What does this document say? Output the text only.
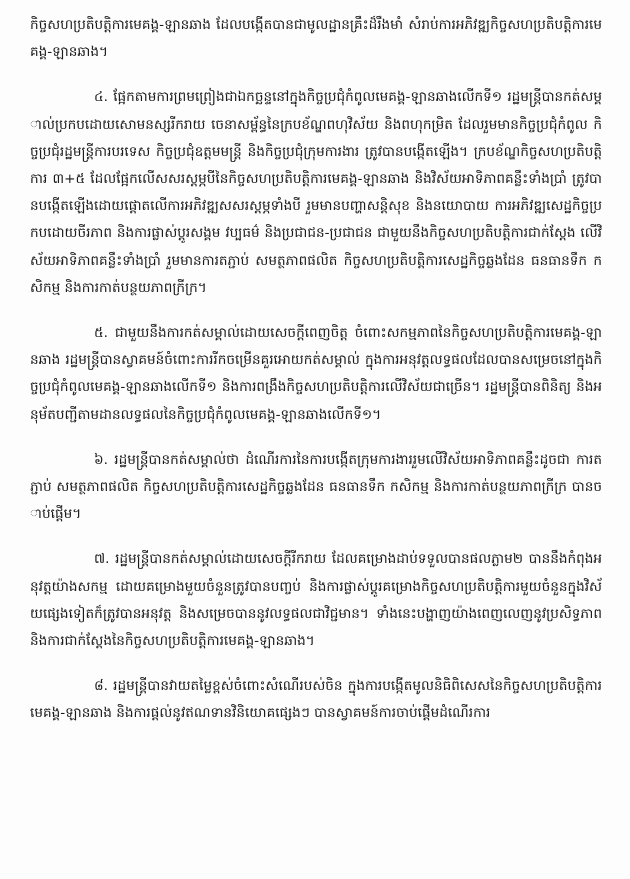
កិច្ចសហប្រតិបត្តិការមេគង្គ-ឡានឆាង ដែលបង្កើតបានជាមូលដ្ឋានគ្រឹះដ៏រឹងមាំ សំរាប់ការអភិវឌ្ឍកិច្ចសហប្រតិបត្តិការមេគង្គ-ឡានឆាង។

៤. ផ្អែកតាមការព្រមព្រៀងជាឯកច្ឆន្ទនៅក្នុងកិច្ចប្រជុំកំពូលមេគង្គ-ឡានឆាងលើកទី១ រដ្ឋមន្ត្រីបានកត់សម្គាល់ប្រកបដោយសោមនស្សរីករាយ ចេនាសម្ព័ន្ធនៃក្របខ័ណ្ឌពហុវិស័យ និងពហុកម្រិត ដែលរួមមានកិច្ចប្រជុំកំពូល កិច្ចប្រជុំរដ្ឋមន្ត្រីការបរទេស កិច្ចប្រជុំឧត្តមមន្ត្រី និងកិច្ចប្រជុំក្រុមការងារ ត្រូវបានបង្កើតឡើង។ ក្របខ័ណ្ឌកិច្ចសហប្រតិបត្តិការ ៣+៥ ដែលផ្អែកលើសសរស្តម្ភបីនៃកិច្ចសហប្រតិបត្តិការមេគង្គ-ឡានឆាង និងវិស័យអាទិភាពគន្លឹះទាំងប្រាំ ត្រូវបានបង្កើតឡើងដោយផ្តោតលើការអភិវឌ្ឍសសរស្តម្ភទាំងបី រួមមានបញ្ហាសន្តិសុខ និងនយោបាយ ការអភិវឌ្ឍសេដ្ឋកិច្ចប្រកបដោយចីរភាព និងការផ្លាស់ប្តូរសង្គម វប្បធម៌ និងប្រជាជន-ប្រជាជន ជាមួយនឹងកិច្ចសហប្រតិបត្តិការជាក់ស្តែង លើវិស័យអាទិភាពគន្លឹះទាំងប្រាំ រួមមានការតភ្ជាប់ សមត្ថភាពផលិត កិច្ចសហប្រតិបត្តិការសេដ្ឋកិច្ចឆ្លងដែន ធនធានទឹក កសិកម្ម និងការកាត់បន្ថយភាពក្រីក្រ។

៥. ជាមួយនឹងការកត់សម្គាល់ដោយសេចក្តីពេញចិត្ត ចំពោះសកម្មភាពនៃកិច្ចសហប្រតិបត្តិការមេគង្គ-ឡានឆាង រដ្ឋមន្ត្រីបានស្វាគមន៍ចំពោះការរីកចម្រើនគួរអោយកត់សម្គាល់ ក្នុងការអនុវត្តលទ្ធផលដែលបានសម្រេចនៅក្នុងកិច្ចប្រជុំកំពូលមេគង្គ-ឡានឆាងលើកទី១ និងការពង្រឹងកិច្ចសហប្រតិបត្តិការលើវិស័យជាច្រើន។ រដ្ឋមន្ត្រីបានពិនិត្យ និងអនុម័តបញ្ជីតាមដានលទ្ធផលនៃកិច្ចប្រជុំកំពូលមេគង្គ-ឡានឆាងលើកទី១។

៦. រដ្ឋមន្ត្រីបានកត់សម្គាល់ថា ដំណើរការនៃការបង្កើតក្រុមការងាររួមលើវិស័យអាទិភាពគន្លឹះដូចជា ការតភ្ជាប់ សមត្ថភាពផលិត កិច្ចសហប្រតិបត្តិការសេដ្ឋកិច្ចឆ្លងដែន ធនធានទឹក កសិកម្ម និងការកាត់បន្ថយភាពក្រីក្រ បានចាប់ផ្តើម។

៧. រដ្ឋមន្ត្រីបានកត់សម្គាល់ដោយសេចក្តីរីករាយ ដែលគម្រោងដាប់ទទួលបានផលភ្លាម២ បាននឹងកំពុងអនុវត្តយ៉ាងសកម្ម ដោយគម្រោងមួយចំនួនត្រូវបានបញ្ចប់ និងការផ្លាស់ប្តូរគម្រោងកិច្ចសហប្រតិបត្តិការមួយចំនួនក្នុងវិស័យផ្សេងទៀតក៏ត្រូវបានអនុវត្ត និងសម្រេចបាននូវលទ្ធផលជាវិជ្ជមាន។ ទាំងនេះបង្ហាញយ៉ាងពេញលេញនូវប្រសិទ្ធភាព និងការជាក់ស្តែងនៃកិច្ចសហប្រតិបត្តិការមេគង្គ-ឡានឆាង។

៨. រដ្ឋមន្ត្រីបានវាយតម្លៃខ្ពស់ចំពោះសំណើរបស់ចិន ក្នុងការបង្កើតមូលនិធិពិសេសនៃកិច្ចសហប្រតិបត្តិការមេគង្គ-ឡានឆាង និងការផ្តល់នូវឥណទានវិនិយោគផ្សេងៗ បានស្វាគមន៍ការចាប់ផ្តើមដំណើរការ
